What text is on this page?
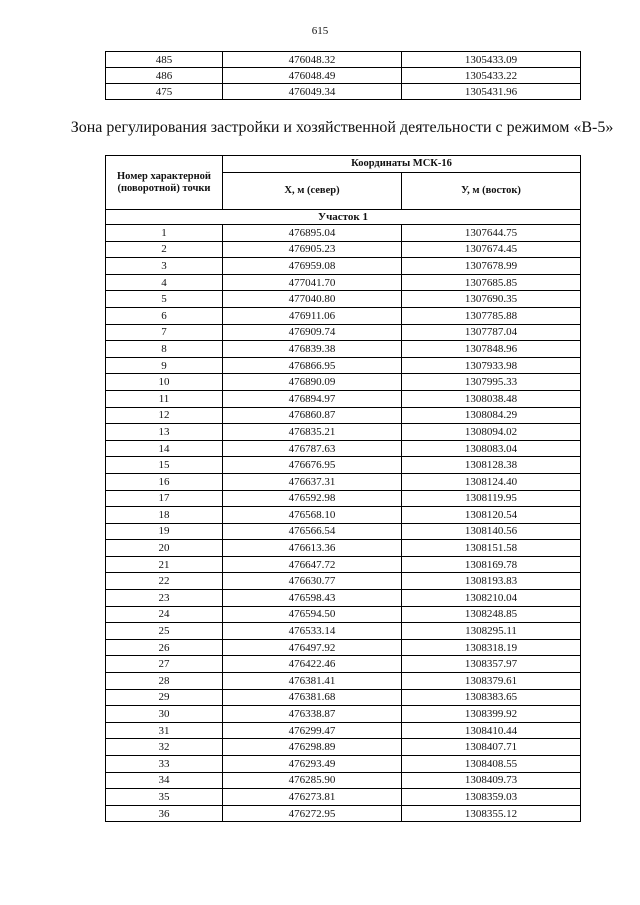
615
485	476048.32	1305433.09
486	476048.49	1305433.22
475	476049.34	1305431.96
Зона регулирования застройки и хозяйственной деятельности с режимом «В-5»
Номер характерной (поворотной) точки	Координаты МСК-16	
	X, м (север)	У, м (восток)
Участок 1		
1	476895.04	1307644.75
2	476905.23	1307674.45
3	476959.08	1307678.99
4	477041.70	1307685.85
5	477040.80	1307690.35
6	476911.06	1307785.88
7	476909.74	1307787.04
8	476839.38	1307848.96
9	476866.95	1307933.98
10	476890.09	1307995.33
11	476894.97	1308038.48
12	476860.87	1308084.29
13	476835.21	1308094.02
14	476787.63	1308083.04
15	476676.95	1308128.38
16	476637.31	1308124.40
17	476592.98	1308119.95
18	476568.10	1308120.54
19	476566.54	1308140.56
20	476613.36	1308151.58
21	476647.72	1308169.78
22	476630.77	1308193.83
23	476598.43	1308210.04
24	476594.50	1308248.85
25	476533.14	1308295.11
26	476497.92	1308318.19
27	476422.46	1308357.97
28	476381.41	1308379.61
29	476381.68	1308383.65
30	476338.87	1308399.92
31	476299.47	1308410.44
32	476298.89	1308407.71
33	476293.49	1308408.55
34	476285.90	1308409.73
35	476273.81	1308359.03
36	476272.95	1308355.12
